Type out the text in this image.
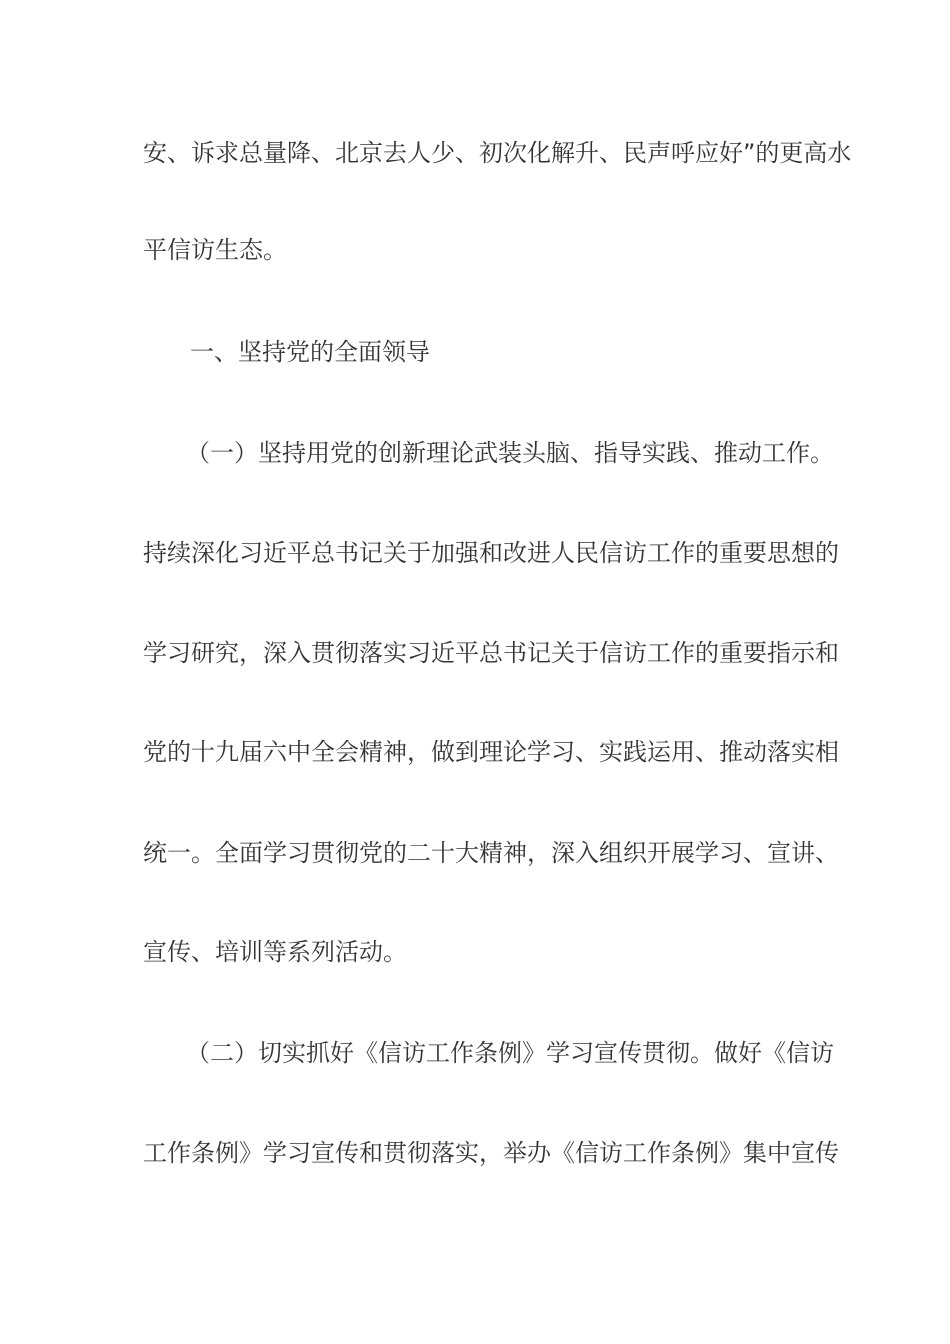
安、诉求总量降、北京去人少、初次化解升、民声呼应好”的更高水
平信访生态。
一、坚持党的全面领导
（一）坚持用党的创新理论武装头脑、指导实践、推动工作。
持续深化习近平总书记关于加强和改进人民信访工作的重要思想的
学习研究，深入贯彻落实习近平总书记关于信访工作的重要指示和
党的十九届六中全会精神，做到理论学习、实践运用、推动落实相
统一。全面学习贯彻党的二十大精神，深入组织开展学习、宣讲、
宣传、培训等系列活动。
（二）切实抓好《信访工作条例》学习宣传贯彻。做好《信访
工作条例》学习宣传和贯彻落实，举办《信访工作条例》集中宣传
